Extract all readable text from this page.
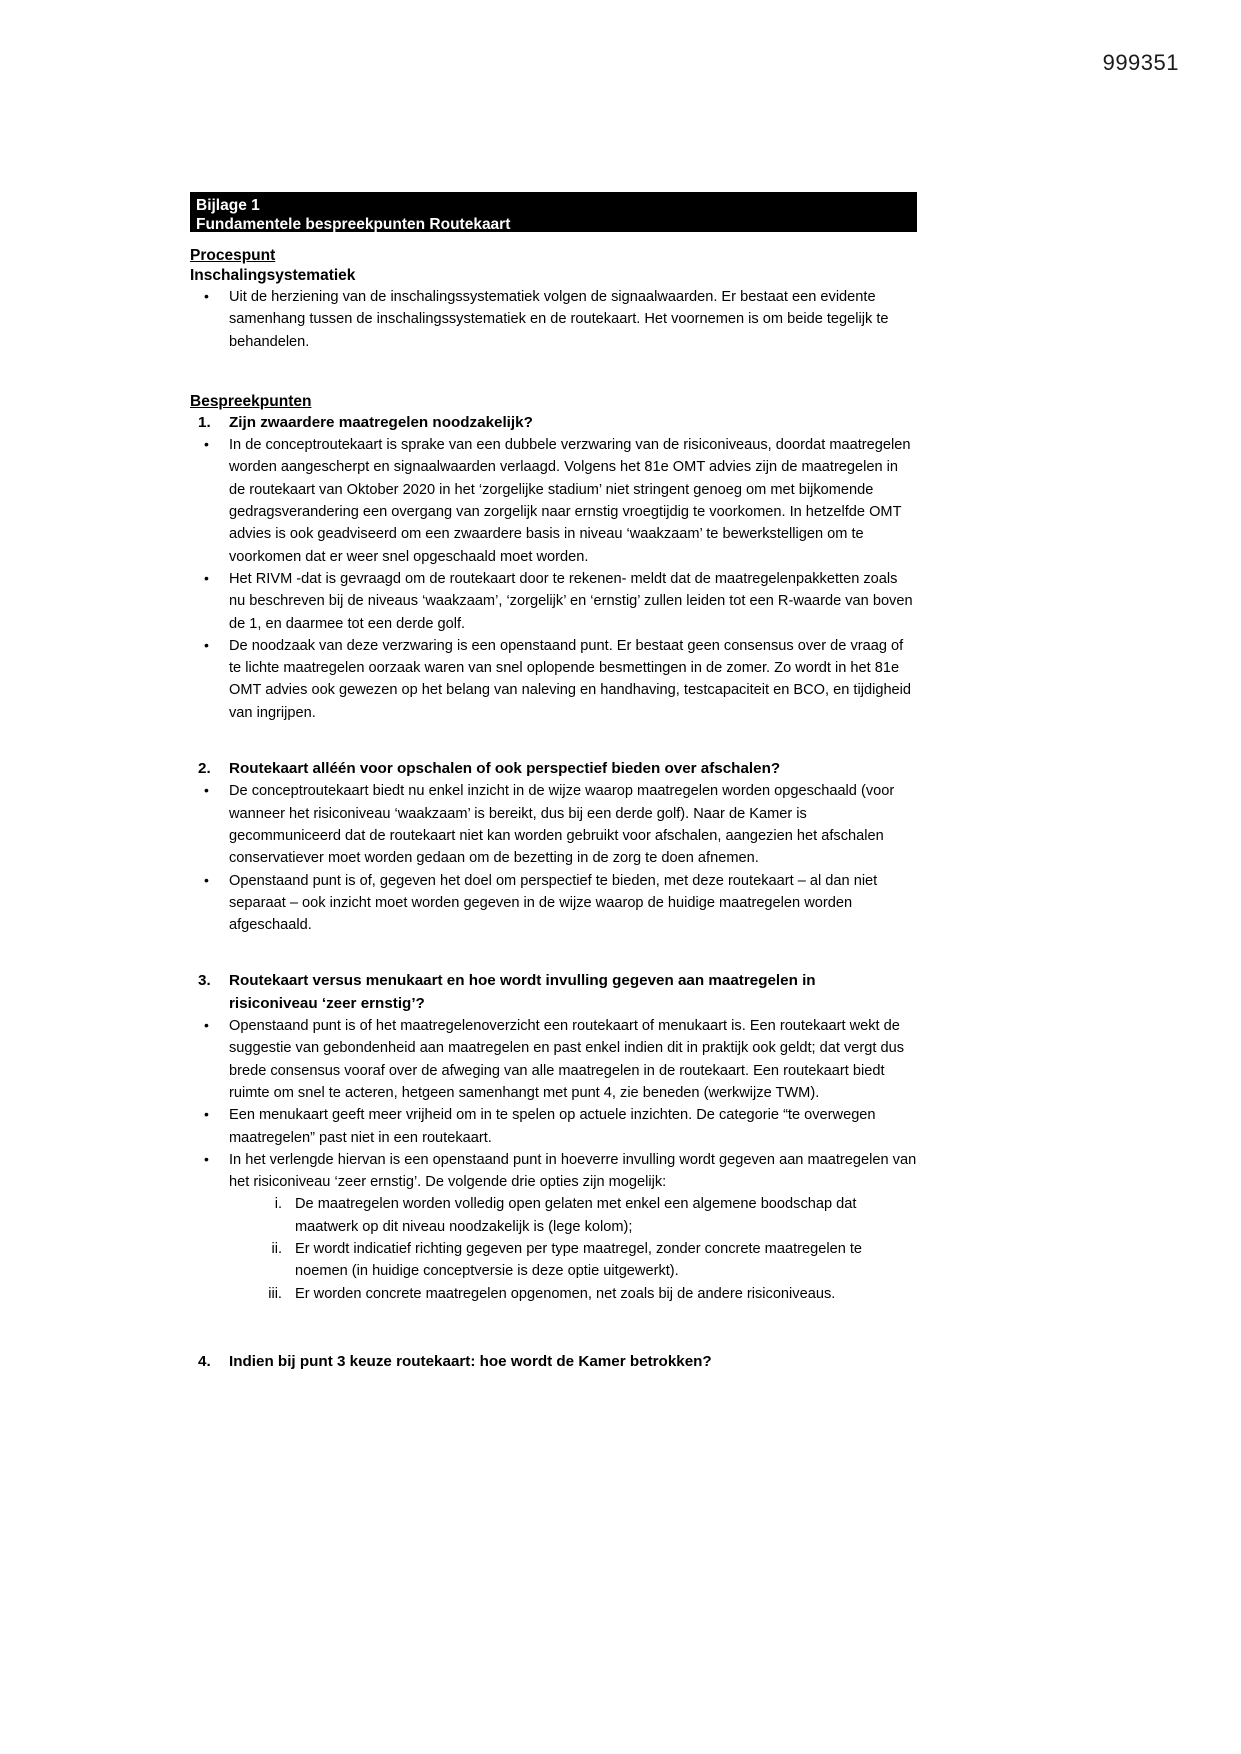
999351
Bijlage 1
Fundamentele bespreekpunten Routekaart
Procespunt
Inschalingsystematiek
• Uit de herziening van de inschalingssystematiek volgen de signaalwaarden. Er bestaat een evidente samenhang tussen de inschalingssystematiek en de routekaart. Het voornemen is om beide tegelijk te behandelen.
Bespreekpunten
1. Zijn zwaardere maatregelen noodzakelijk?
• In de conceptroutekaart is sprake van een dubbele verzwaring van de risiconiveaus, doordat maatregelen worden aangescherpt en signaalwaarden verlaagd. Volgens het 81e OMT advies zijn de maatregelen in de routekaart van Oktober 2020 in het ‘zorgelijke stadium’ niet stringent genoeg om met bijkomende gedragsverandering een overgang van zorgelijk naar ernstig vroegtijdig te voorkomen. In hetzelfde OMT advies is ook geadviseerd om een zwaardere basis in niveau ‘waakzaam’ te bewerkstelligen om te voorkomen dat er weer snel opgeschaald moet worden.
• Het RIVM -dat is gevraagd om de routekaart door te rekenen- meldt dat de maatregelenpakketten zoals nu beschreven bij de niveaus ‘waakzaam’, ‘zorgelijk’ en ‘ernstig’ zullen leiden tot een R-waarde van boven de 1, en daarmee tot een derde golf.
• De noodzaak van deze verzwaring is een openstaand punt. Er bestaat geen consensus over de vraag of te lichte maatregelen oorzaak waren van snel oplopende besmettingen in de zomer. Zo wordt in het 81e OMT advies ook gewezen op het belang van naleving en handhaving, testcapaciteit en BCO, en tijdigheid van ingrijpen.
2. Routekaart alléén voor opschalen of ook perspectief bieden over afschalen?
• De conceptroutekaart biedt nu enkel inzicht in de wijze waarop maatregelen worden opgeschaald (voor wanneer het risiconiveau ‘waakzaam’ is bereikt, dus bij een derde golf). Naar de Kamer is gecommuniceerd dat de routekaart niet kan worden gebruikt voor afschalen, aangezien het afschalen conservatiever moet worden gedaan om de bezetting in de zorg te doen afnemen.
• Openstaand punt is of, gegeven het doel om perspectief te bieden, met deze routekaart – al dan niet separaat – ook inzicht moet worden gegeven in de wijze waarop de huidige maatregelen worden afgeschaald.
3. Routekaart versus menukaart en hoe wordt invulling gegeven aan maatregelen in
risiconiveau ‘zeer ernstig’?
• Openstaand punt is of het maatregelenoverzicht een routekaart of menukaart is. Een routekaart wekt de suggestie van gebondenheid aan maatregelen en past enkel indien dit in praktijk ook geldt; dat vergt dus brede consensus vooraf over de afweging van alle maatregelen in de routekaart. Een routekaart biedt ruimte om snel te acteren, hetgeen samenhangt met punt 4, zie beneden (werkwijze TWM).
• Een menukaart geeft meer vrijheid om in te spelen op actuele inzichten. De categorie “te overwegen maatregelen” past niet in een routekaart.
• In het verlengde hiervan is een openstaand punt in hoeverre invulling wordt gegeven aan maatregelen van het risiconiveau ‘zeer ernstig’. De volgende drie opties zijn mogelijk:
i. De maatregelen worden volledig open gelaten met enkel een algemene boodschap dat maatwerk op dit niveau noodzakelijk is (lege kolom);
ii. Er wordt indicatief richting gegeven per type maatregel, zonder concrete maatregelen te noemen (in huidige conceptversie is deze optie uitgewerkt).
iii. Er worden concrete maatregelen opgenomen, net zoals bij de andere risiconiveaus.
4. Indien bij punt 3 keuze routekaart: hoe wordt de Kamer betrokken?
